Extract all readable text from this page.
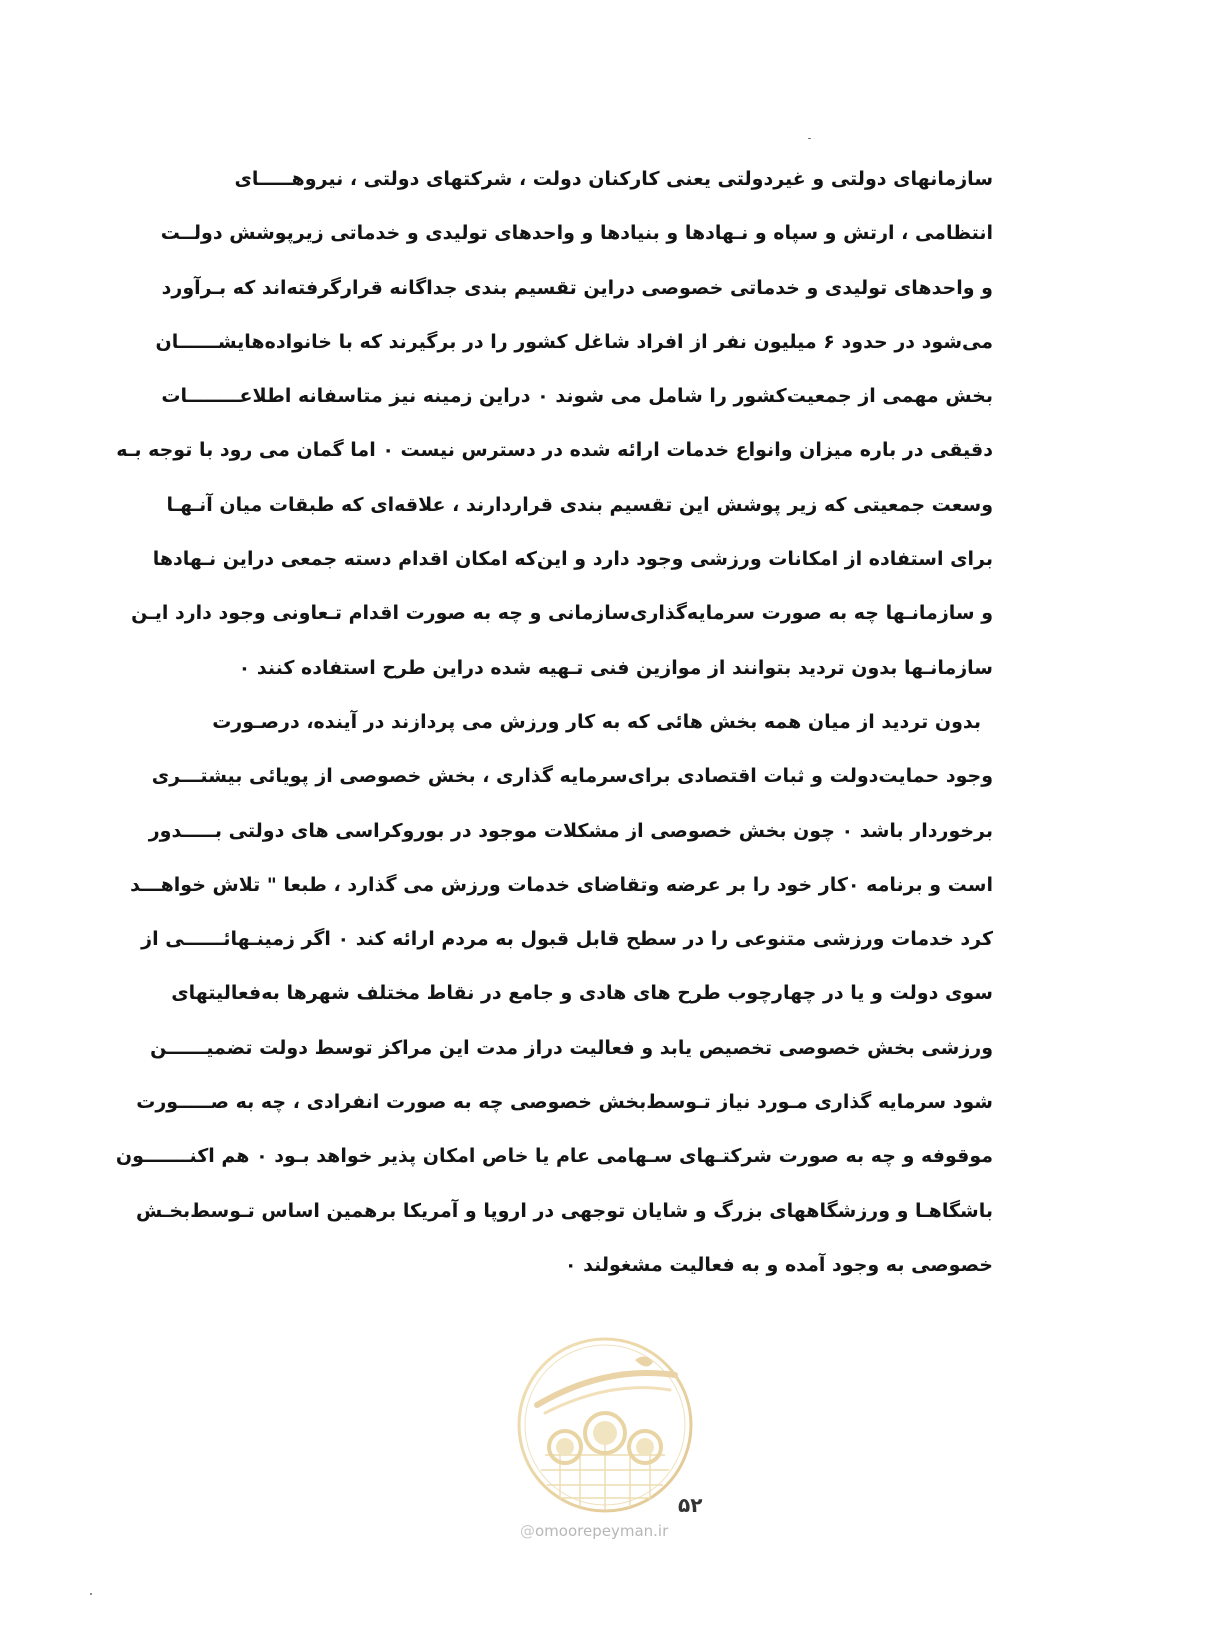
سازمانهای دولتی و غیردولتی یعنی کارکنان دولت ، شرکتهای دولتی ، نیروهـــــای
انتظامی ، ارتش و سپاه و نـهادها و بنیادها و واحدهای تولیدی و خدماتی زیرپوشش دولــت
و واحدهای تولیدی و خدماتی خصوصی دراین تقسیم بندی جداگانه قرارگرفته‌اند که بـرآورد
می‌شود در حدود ۶ میلیون نفر از افراد شاغل کشور را در برگیرند که با خانواده‌هایشــــــان
بخش مهمی از جمعیت‌کشور را شامل می شوند ۰ دراین زمینه نیز متاسفانه اطلاعــــــــات
دقیقی در باره میزان وانواع خدمات ارائه شده در دسترس نیست ۰ اما گمان می رود با توجه بـه
وسعت جمعیتی که زیر پوشش این تقسیم بندی قراردارند ، علاقه‌ای که طبقات میان آنـهـا
برای استفاده از امکانات ورزشی وجود دارد و این‌که امکان اقدام دسته جمعی دراین نـهادها
و سازمانـها چه به صورت سرمایه‌گذاری‌سازمانی و چه به صورت اقدام تـعاونی وجود دارد ایـن
سازمانـها بدون تردید بتوانند از موازین فنی تـهیه شده دراین طرح استفاده کنند ۰
بدون تردید از میان همه بخش هائی که به کار ورزش می پردازند در آینده، درصـورت
وجود حمایت‌دولت و ثبات اقتصادی برای‌سرمایه گذاری ، بخش خصوصی از پویائی بیشتـــری
برخوردار باشد ۰ چون بخش خصوصی از مشکلات موجود در بوروکراسی های دولتی بـــــدور
است و برنامه ۰کار خود را بر عرضه وتقاضای خدمات ورزش می گذارد ، طبعا " تلاش خواهـــد
کرد خدمات ورزشی متنوعی را در سطح قابل قبول به مردم ارائه کند ۰ اگر زمینـهائــــــی از
سوی دولت و یا در چهارچوب طرح های هادی و جامع در نقاط مختلف شهرها به‌فعالیتهای
ورزشی بخش خصوصی تخصیص یابد و فعالیت دراز مدت این مراکز توسط دولت تضمیــــــن
شود سرمایه گذاری مـورد نیاز تـوسط‌بخش خصوصی چه به صورت انفرادی ، چه به صـــــورت
موقوفه و چه به صورت شرکتـهای سـهامی عام یا خاص امکان پذیر خواهد بـود ۰ هم اکنـــــــون
باشگاهـا و ورزشگاههای بزرگ و شایان توجهی در اروپا و آمریکا برهمین اساس تـوسط‌بخـش
خصوصی به وجود آمده و به فعالیت مشغولند ۰
۵۲
@omoorepeyman.ir
